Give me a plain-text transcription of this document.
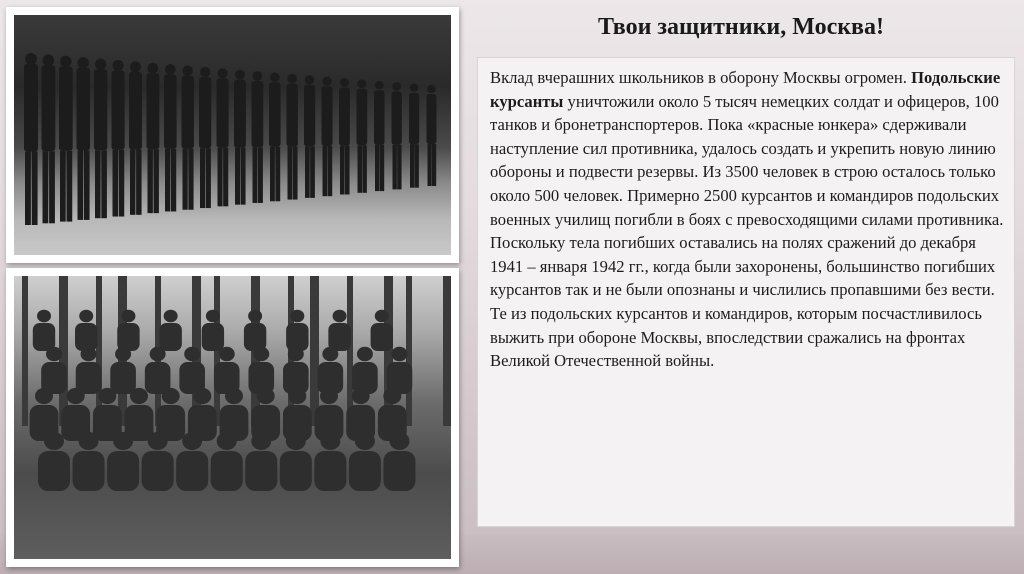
Твои защитники, Москва!

Вклад вчерашних школьников в оборону Москвы огромен. Подольские курсанты уничтожили около 5 тысяч немецких солдат и офицеров, 100 танков и бронетранспортеров. Пока «красные юнкера» сдерживали наступление сил противника, удалось создать и укрепить новую линию обороны и подвести резервы. Из 3500 человек в строю осталось только около 500 человек. Примерно 2500 курсантов и командиров подольских военных училищ погибли в боях с превосходящими силами противника. Поскольку тела погибших оставались на полях сражений до декабря 1941 – января 1942 гг., когда были захоронены, большинство погибших курсантов так и не были опознаны и числились пропавшими без вести.

Те из подольских курсантов и командиров, которым посчастливилось выжить при обороне Москвы, впоследствии сражались на фронтах Великой Отечественной войны.
